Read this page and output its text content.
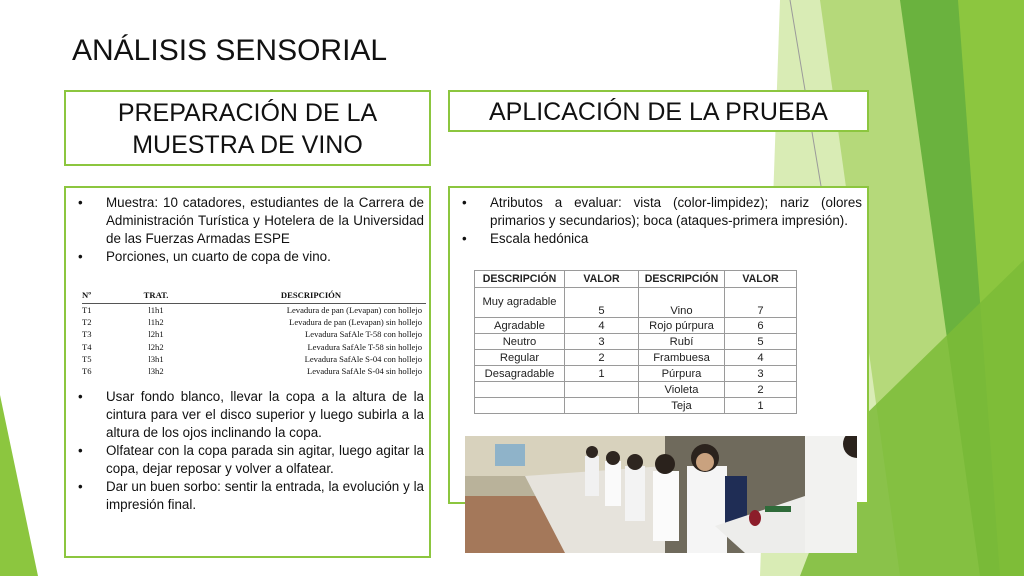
ANÁLISIS SENSORIAL
PREPARACIÓN DE LA MUESTRA DE VINO
APLICACIÓN DE LA PRUEBA
• Muestra: 10 catadores, estudiantes de la Carrera de Administración Turística y Hotelera de la Universidad de las Fuerzas Armadas ESPE
• Porciones, un cuarto de copa de vino.
Nº	TRAT.	DESCRIPCIÓN
T1	l1h1	Levadura de pan (Levapan) con hollejo
T2	l1h2	Levadura de pan (Levapan) sin hollejo
T3	l2h1	Levadura SafAle T-58 con hollejo
T4	l2h2	Levadura SafAle T-58 sin hollejo
T5	l3h1	Levadura SafAle S-04 con hollejo
T6	l3h2	Levadura SafAle S-04 sin hollejo
• Usar fondo blanco, llevar la copa a la altura de la cintura para ver el disco superior y luego subirla a la altura de los ojos inclinando la copa.
• Olfatear con la copa parada sin agitar, luego agitar la copa, dejar reposar y volver a olfatear.
• Dar un buen sorbo: sentir la entrada, la evolución y la impresión final.
• Atributos a evaluar: vista (color-limpidez); nariz (olores primarios y secundarios); boca (ataques-primera impresión).
• Escala hedónica
DESCRIPCIÓN	VALOR	DESCRIPCIÓN	VALOR
Muy agradable	5	Vino	7
Agradable	4	Rojo púrpura	6
Neutro	3	Rubí	5
Regular	2	Frambuesa	4
Desagradable	1	Púrpura	3
		Violeta	2
		Teja	1
